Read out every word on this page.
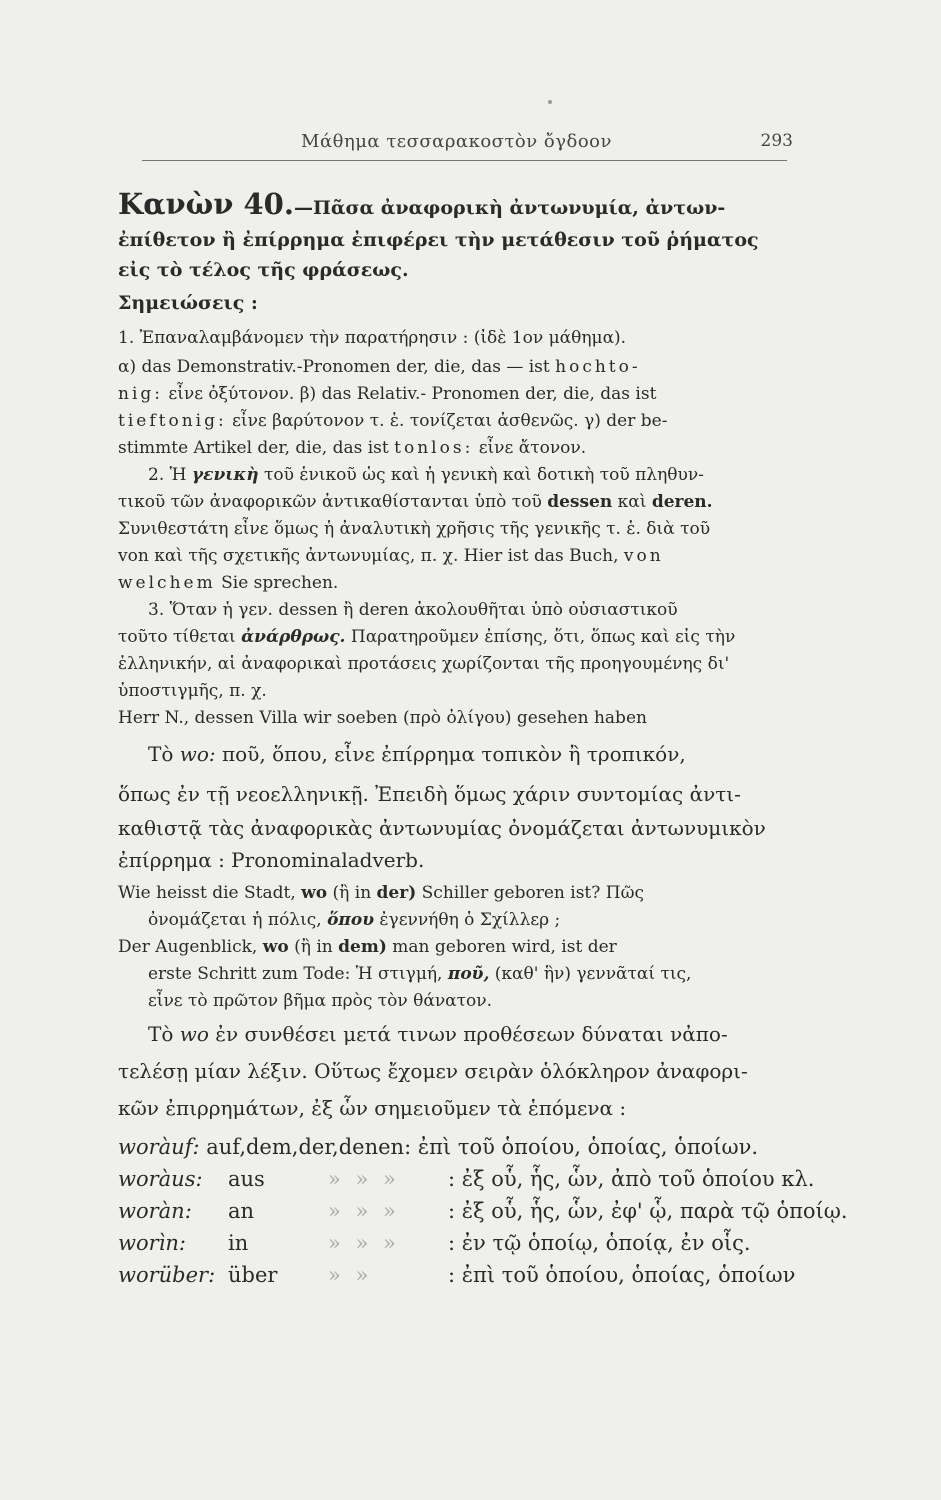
Μάθημα τεσσαρακοστὸν ὄγδοον	293
Κανὼν 40.—Πᾶσα ἀναφορικὴ ἀντωνυμία, ἀντων-
ἐπίθετον ἢ ἐπίρρημα ἐπιφέρει τὴν μετάθεσιν τοῦ ῥήματος
εἰς τὸ τέλος τῆς φράσεως.
Σημειώσεις :
1. Ἐπαναλαμβάνομεν τὴν παρατήρησιν : (ἰδὲ 1ον μάθημα).
α) das Demonstrativ.-Pronomen der, die, das — ist hochto-
nig: εἶνε ὀξύτονον. β) das Relativ.- Pronomen der, die, das ist
tieftonig: εἶνε βαρύτονον τ. ἑ. τονίζεται ἀσθενῶς. γ) der be-
stimmte Artikel der, die, das ist tonlos: εἶνε ἄτονον.
2. Ἡ γενικὴ τοῦ ἑνικοῦ ὡς καὶ ἡ γενικὴ καὶ δοτικὴ τοῦ πληθυν-
τικοῦ τῶν ἀναφορικῶν ἀντικαθίστανται ὑπὸ τοῦ dessen καὶ deren.
Συνιθεστάτη εἶνε ὅμως ἡ ἀναλυτικὴ χρῆσις τῆς γενικῆς τ. ἑ. διὰ τοῦ
von καὶ τῆς σχετικῆς ἀντωνυμίας, π. χ. Hier ist das Buch, von
welchem Sie sprechen.
3. Ὅταν ἡ γεν. dessen ἢ deren ἀκολουθῆται ὑπὸ οὐσιαστικοῦ
τοῦτο τίθεται ἀνάρθρως. Παρατηροῦμεν ἐπίσης, ὅτι, ὅπως καὶ εἰς τὴν
ἑλληνικήν, αἱ ἀναφορικαὶ προτάσεις χωρίζονται τῆς προηγουμένης δι'
ὑποστιγμῆς, π. χ.
Herr N., dessen Villa wir soeben (πρὸ ὀλίγου) gesehen haben
Τὸ wo: ποῦ, ὅπου, εἶνε ἐπίρρημα τοπικὸν ἢ τροπικόν,
ὅπως ἐν τῇ νεοελληνικῇ. Ἐπειδὴ ὅμως χάριν συντομίας ἀντι-
καθιστᾷ τὰς ἀναφορικὰς ἀντωνυμίας ὀνομάζεται ἀντωνυμικὸν
ἐπίρρημα : Pronominaladverb.
Wie heisst die Stadt, wo (ἢ in der) Schiller geboren ist? Πῶς
ὀνομάζεται ἡ πόλις, ὅπου ἐγεννήθη ὁ Σχίλλερ ;
Der Augenblick, wo (ἢ in dem) man geboren wird, ist der
erste Schritt zum Tode: Ἡ στιγμή, ποῦ, (καθ' ἣν) γεννᾶταί τις,
εἶνε τὸ πρῶτον βῆμα πρὸς τὸν θάνατον.
Τὸ wo ἐν συνθέσει μετά τινων προθέσεων δύναται νἀπο-
τελέσῃ μίαν λέξιν. Οὕτως ἔχομεν σειρὰν ὁλόκληρον ἀναφορι-
κῶν ἐπιρρημάτων, ἐξ ὧν σημειοῦμεν τὰ ἑπόμενα :
woràuf: auf,dem,der,denen: ἐπὶ τοῦ ὁποίου, ὁποίας, ὁποίων.
woràus: aus	» » » : ἐξ οὗ, ἧς, ὧν, ἀπὸ τοῦ ὁποίου κλ.
woràn: an	» » » : ἐξ οὗ, ἧς, ὧν, ἐφ' ᾧ, παρὰ τῷ ὁποίῳ.
worìn: in	» » » : ἐν τῷ ὁποίῳ, ὁποίᾳ, ἐν οἷς.
worüber: über » »	: ἐπὶ τοῦ ὁποίου, ὁποίας, ὁποίων
